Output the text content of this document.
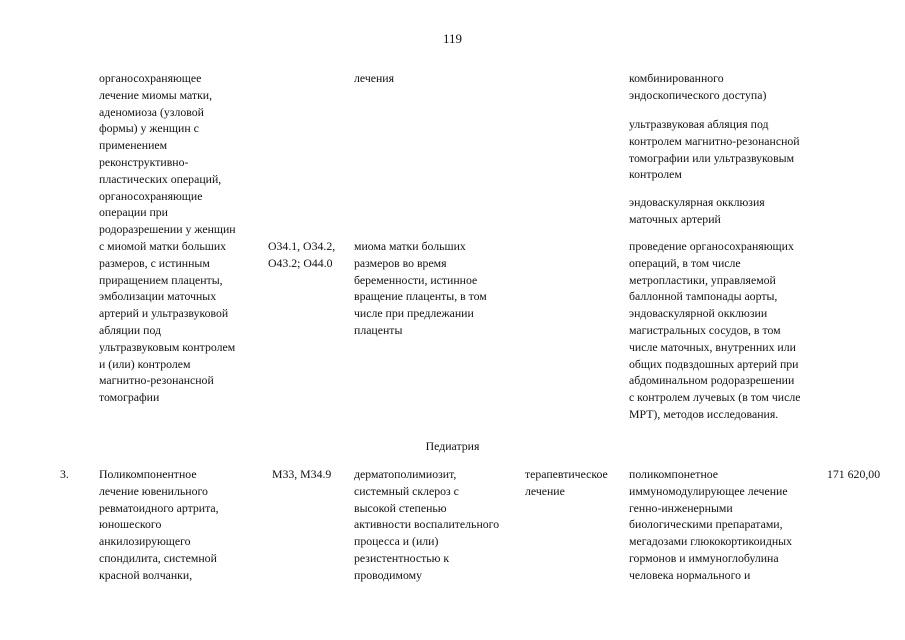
119
органосохраняющее
лечение миомы матки,
аденомиоза (узловой
формы) у женщин с
применением
реконструктивно-
пластических операций,
органосохраняющие
операции при
родоразрешении у женщин
с миомой матки больших
размеров, с истинным
приращением плаценты,
эмболизации маточных
артерий и ультразвуковой
абляции под
ультразвуковым контролем
и (или) контролем
магнитно-резонансной
томографии
O34.1, O34.2,
O43.2; O44.0
лечения
миома матки больших
размеров во время
беременности, истинное
вращение плаценты, в том
числе при предлежании
плаценты
комбинированного
эндоскопического доступа)
ультразвуковая абляция под
контролем магнитно-резонансной
томографии или ультразвуковым
контролем
эндоваскулярная окклюзия
маточных артерий
проведение органосохраняющих
операций, в том числе
метропластики, управляемой
баллонной тампонады аорты,
эндоваскулярной окклюзии
магистральных сосудов, в том
числе маточных, внутренних или
общих подвздошных артерий при
абдоминальном родоразрешении
с контролем лучевых (в том числе
МРТ), методов исследования.
Педиатрия
3.	Поликомпонентное
лечение ювенильного
ревматоидного артрита,
юношеского
анкилозирующего
спондилита, системной
красной волчанки,
M33, M34.9	дерматополимиозит,
системный склероз с
высокой степенью
активности воспалительного
процесса и (или)
резистентностью к
проводимому
терапевтическое
лечение
поликомпонетное
иммуномодулирующее лечение
генно-инженерными
биологическими препаратами,
мегадозами глюкокортикоидных
гормонов и иммуноглобулина
человека нормального и
171 620,00
